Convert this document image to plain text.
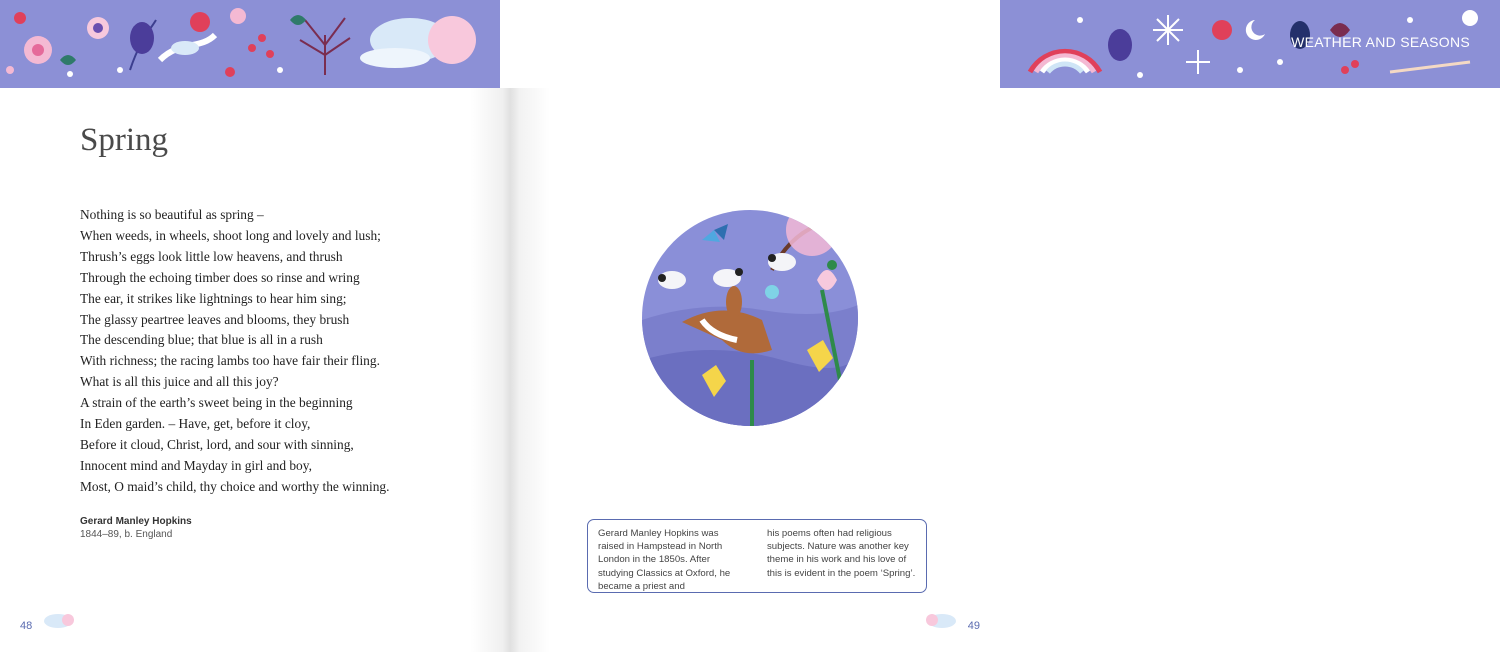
Spring
Nothing is so beautiful as spring –
When weeds, in wheels, shoot long and lovely and lush;
Thrush’s eggs look little low heavens, and thrush
Through the echoing timber does so rinse and wring
The ear, it strikes like lightnings to hear him sing;
The glassy peartree leaves and blooms, they brush
The descending blue; that blue is all in a rush
With richness; the racing lambs too have fair their fling.
What is all this juice and all this joy?
A strain of the earth’s sweet being in the beginning
In Eden garden. – Have, get, before it cloy,
Before it cloud, Christ, lord, and sour with sinning,
Innocent mind and Mayday in girl and boy,
Most, O maid’s child, thy choice and worthy the winning.
Gerard Manley Hopkins
1844–89, b. England
48
WEATHER AND SEASONS
Gerard Manley Hopkins was raised in Hampstead in North London in the 1850s. After studying Classics at Oxford, he became a priest and
his poems often had religious subjects. Nature was another key theme in his work and his love of this is evident in the poem ‘Spring’.
49
